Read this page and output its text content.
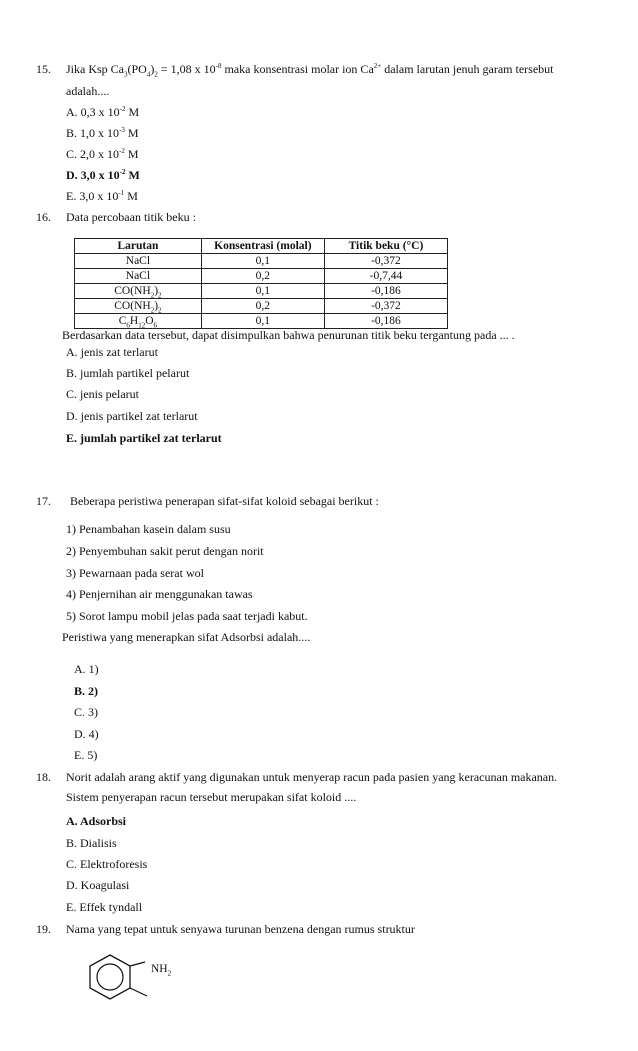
15. Jika Ksp $Ca_3(PO_4)_2 = 1,08$ x $10^{-8}$ maka konsentrasi molar ion $Ca^{2+}$ dalam larutan jenuh garam tersebut
adalah....
A. 0,3 x $10^{-2}$ M
B. 1,0 x $10^{-3}$ M
C. 2,0 x $10^{-2}$ M
D. 3,0 x $10^{-2}$ M
E. 3,0 x $10^{-1}$ M
16. Data percobaan titik beku :
Larutan	Konsentrasi (molal)	Titik beku (°C)
NaCl	0,1	-0,372
NaCl	0,2	-0,7,44
$CO(NH_2)_2$	0,1	-0,186
$CO(NH_2)_2$	0,2	-0,372
$C_6H_{12}O_6$	0,1	-0,186
Berdasarkan data tersebut, dapat disimpulkan bahwa penurunan titik beku tergantung pada ... .
A. jenis zat terlarut
B. jumlah partikel pelarut
C. jenis pelarut
D. jenis partikel zat terlarut
E. jumlah partikel zat terlarut
17. Beberapa peristiwa penerapan sifat-sifat koloid sebagai berikut :
1) Penambahan kasein dalam susu
2) Penyembuhan sakit perut dengan norit
3) Pewarnaan pada serat wol
4) Penjernihan air menggunakan tawas
5) Sorot lampu mobil jelas pada saat terjadi kabut.
Peristiwa yang menerapkan sifat Adsorbsi adalah....
A. 1)
B. 2)
C. 3)
D. 4)
E. 5)
18. Norit adalah arang aktif yang digunakan untuk menyerap racun pada pasien yang keracunan makanan.
Sistem penyerapan racun tersebut merupakan sifat koloid ....
A. Adsorbsi
B. Dialisis
C. Elektroforesis
D. Koagulasi
E. Effek tyndall
19. Nama yang tepat untuk senyawa turunan benzena dengan rumus struktur
$NH_2$
